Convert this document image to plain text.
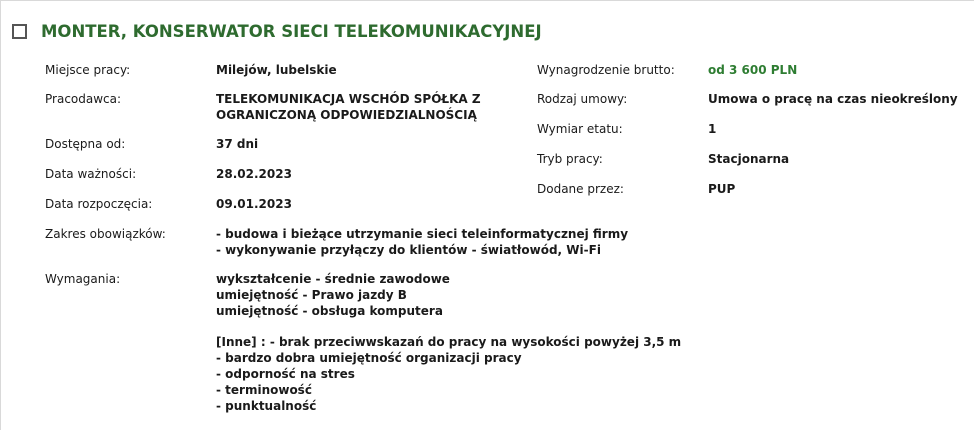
MONTER, KONSERWATOR SIECI TELEKOMUNIKACYJNEJ
Miejsce pracy:	Milejów, lubelskie
Pracodawca:	TELEKOMUNIKACJA WSCHÓD SPÓŁKA Z
OGRANICZONĄ ODPOWIEDZIALNOŚCIĄ
Dostępna od:	37 dni
Data ważności:	28.02.2023
Data rozpoczęcia:	09.01.2023
Zakres obowiązków:	- budowa i bieżące utrzymanie sieci teleinformatycznej firmy
- wykonywanie przyłączy do klientów - światłowód, Wi-Fi
Wymagania:	wykształcenie - średnie zawodowe
umiejętność - Prawo jazdy B
umiejętność - obsługa komputera
[Inne] : - brak przeciwwskazań do pracy na wysokości powyżej 3,5 m
- bardzo dobra umiejętność organizacji pracy
- odporność na stres
- terminowość
- punktualność
Wynagrodzenie brutto:	od 3 600 PLN
Rodzaj umowy:	Umowa o pracę na czas nieokreślony
Wymiar etatu:	1
Tryb pracy:	Stacjonarna
Dodane przez:	PUP
